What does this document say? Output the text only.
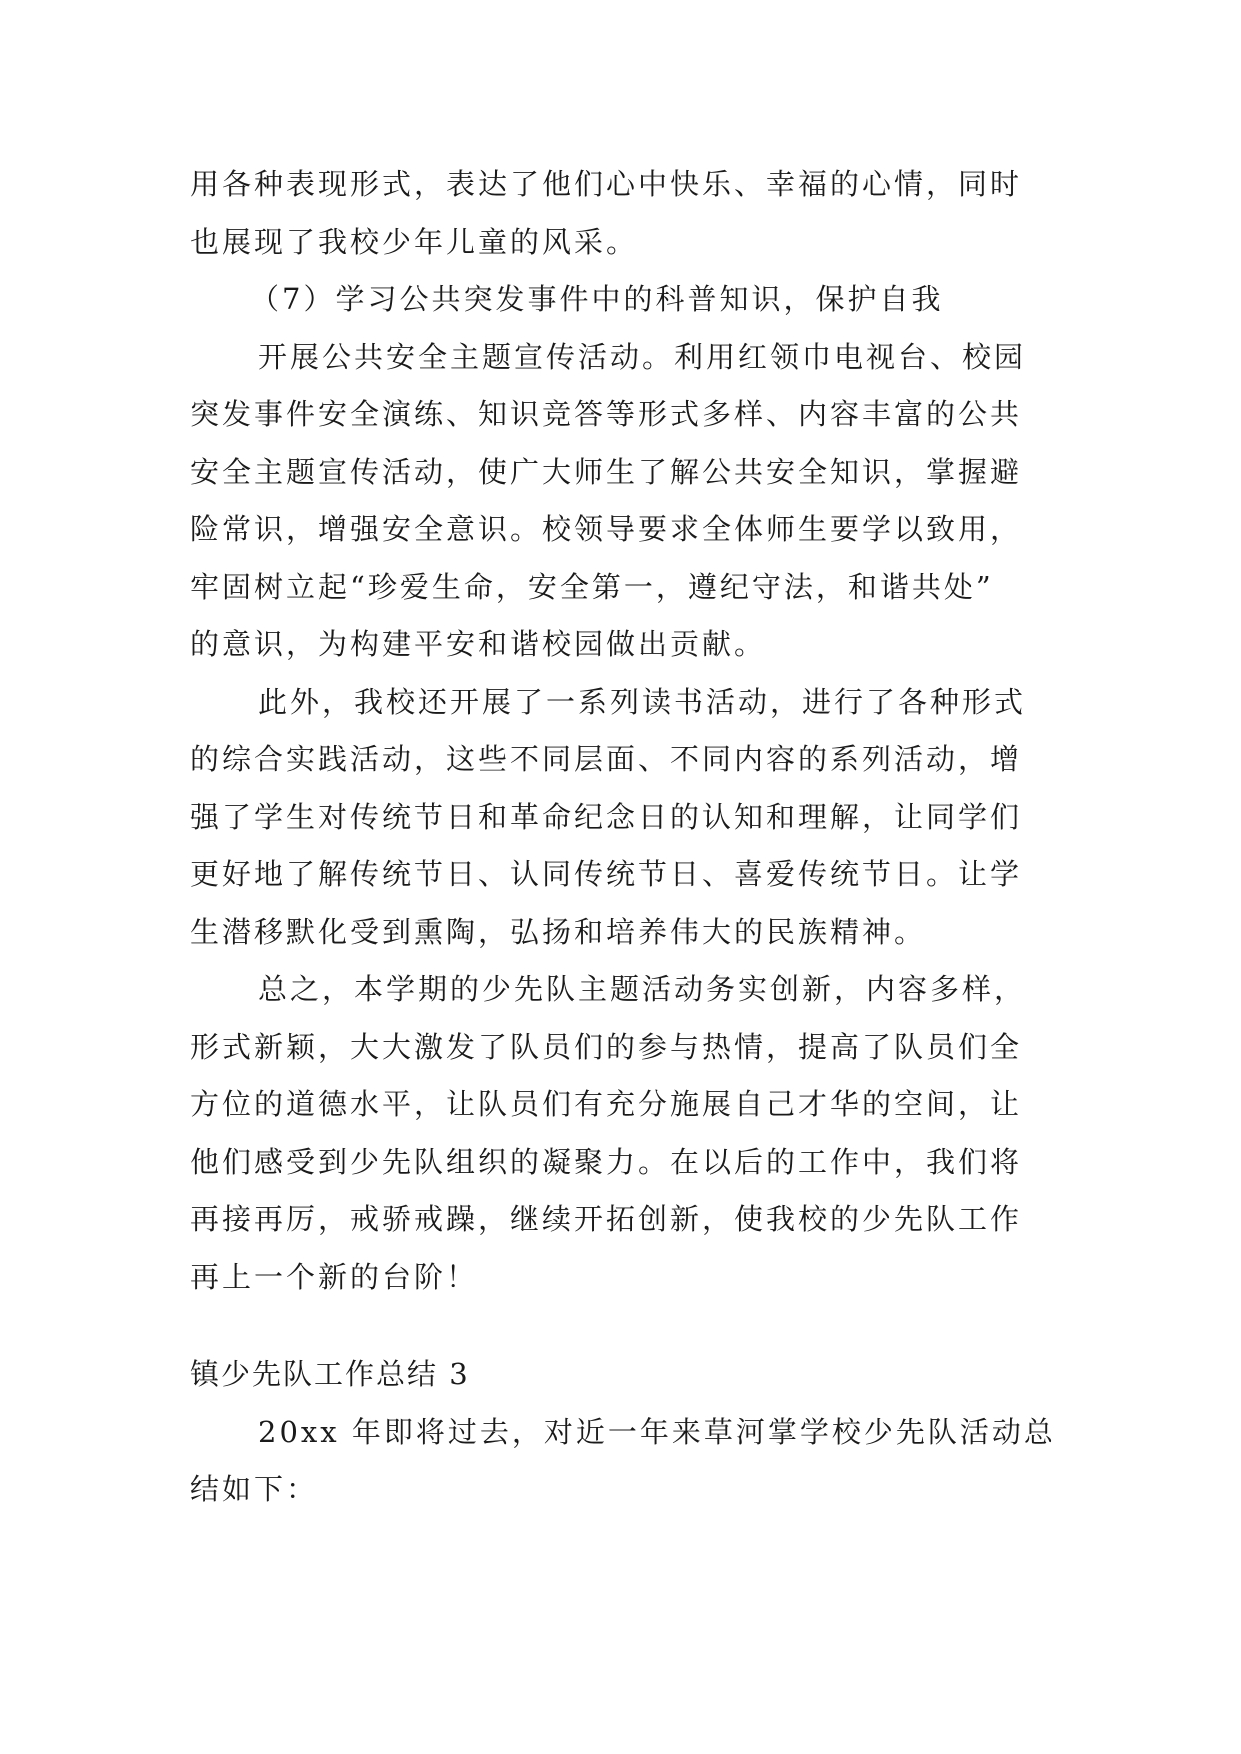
用各种表现形式，表达了他们心中快乐、幸福的心情，同时
也展现了我校少年儿童的风采。
（7）学习公共突发事件中的科普知识，保护自我
开展公共安全主题宣传活动。利用红领巾电视台、校园
突发事件安全演练、知识竞答等形式多样、内容丰富的公共
安全主题宣传活动，使广大师生了解公共安全知识，掌握避
险常识，增强安全意识。校领导要求全体师生要学以致用，
牢固树立起“珍爱生命，安全第一，遵纪守法，和谐共处”
的意识，为构建平安和谐校园做出贡献。
此外，我校还开展了一系列读书活动，进行了各种形式
的综合实践活动，这些不同层面、不同内容的系列活动，增
强了学生对传统节日和革命纪念日的认知和理解，让同学们
更好地了解传统节日、认同传统节日、喜爱传统节日。让学
生潜移默化受到熏陶，弘扬和培养伟大的民族精神。
总之，本学期的少先队主题活动务实创新，内容多样，
形式新颖，大大激发了队员们的参与热情，提高了队员们全
方位的道德水平，让队员们有充分施展自己才华的空间，让
他们感受到少先队组织的凝聚力。在以后的工作中，我们将
再接再厉，戒骄戒躁，继续开拓创新，使我校的少先队工作
再上一个新的台阶！
镇少先队工作总结 3
20xx 年即将过去，对近一年来草河掌学校少先队活动总
结如下：
